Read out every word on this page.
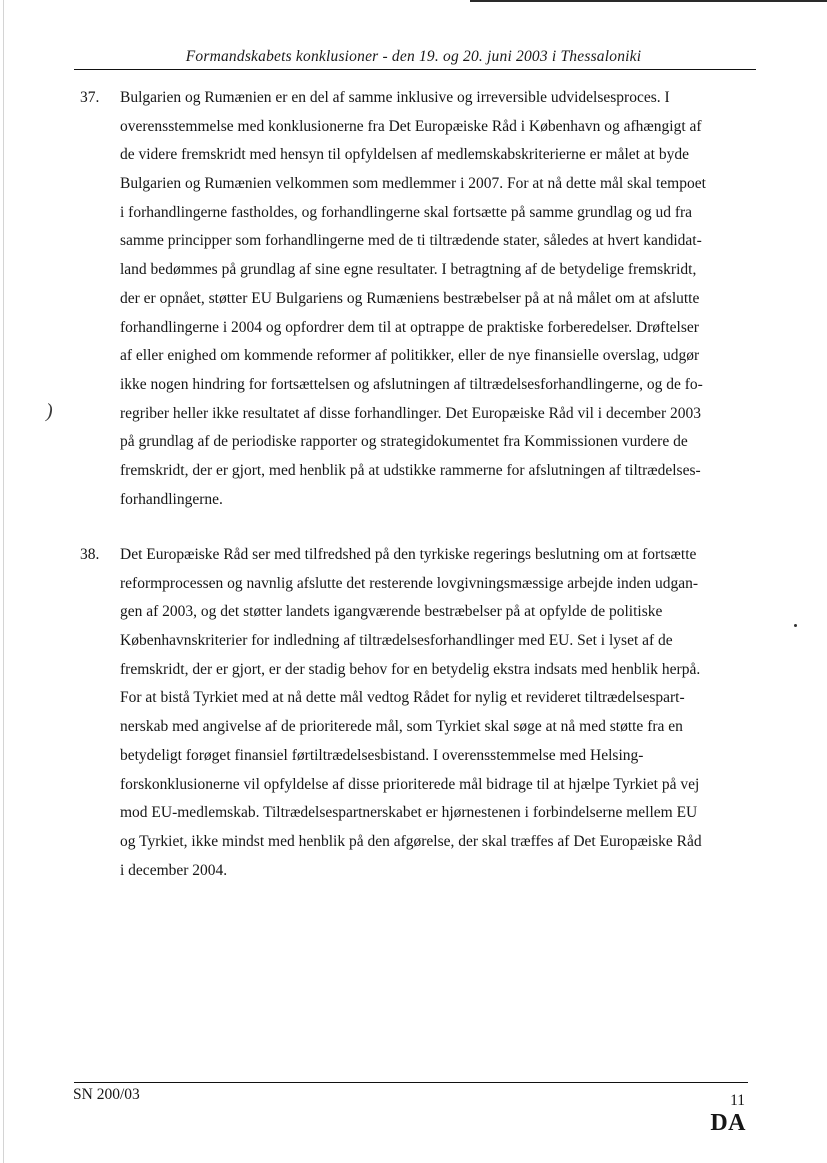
Formandskabets konklusioner - den 19. og 20. juni 2003 i Thessaloniki
37. Bulgarien og Rumænien er en del af samme inklusive og irreversible udvidelsesproces. I
overensstemmelse med konklusionerne fra Det Europæiske Råd i København og afhængigt af
de videre fremskridt med hensyn til opfyldelsen af medlemskabskriterierne er målet at byde
Bulgarien og Rumænien velkommen som medlemmer i 2007. For at nå dette mål skal tempoet
i forhandlingerne fastholdes, og forhandlingerne skal fortsætte på samme grundlag og ud fra
samme principper som forhandlingerne med de ti tiltrædende stater, således at hvert kandidat-
land bedømmes på grundlag af sine egne resultater. I betragtning af de betydelige fremskridt,
der er opnået, støtter EU Bulgariens og Rumæniens bestræbelser på at nå målet om at afslutte
forhandlingerne i 2004 og opfordrer dem til at optrappe de praktiske forberedelser. Drøftelser
af eller enighed om kommende reformer af politikker, eller de nye finansielle overslag, udgør
ikke nogen hindring for fortsættelsen og afslutningen af tiltrædelsesforhandlingerne, og de fo-
regriber heller ikke resultatet af disse forhandlinger. Det Europæiske Råd vil i december 2003
på grundlag af de periodiske rapporter og strategidokumentet fra Kommissionen vurdere de
fremskridt, der er gjort, med henblik på at udstikke rammerne for afslutningen af tiltrædelses-
forhandlingerne.
38. Det Europæiske Råd ser med tilfredshed på den tyrkiske regerings beslutning om at fortsætte
reformprocessen og navnlig afslutte det resterende lovgivningsmæssige arbejde inden udgan-
gen af 2003, og det støtter landets igangværende bestræbelser på at opfylde de politiske
Københavnskriterier for indledning af tiltrædelsesforhandlinger med EU. Set i lyset af de
fremskridt, der er gjort, er der stadig behov for en betydelig ekstra indsats med henblik herpå.
For at bistå Tyrkiet med at nå dette mål vedtog Rådet for nylig et revideret tiltrædelsespart-
nerskab med angivelse af de prioriterede mål, som Tyrkiet skal søge at nå med støtte fra en
betydeligt forøget finansiel førtiltrædelsesbistand. I overensstemmelse med Helsing-
forskonklusionerne vil opfyldelse af disse prioriterede mål bidrage til at hjælpe Tyrkiet på vej
mod EU-medlemskab. Tiltrædelsespartnerskabet er hjørnestenen i forbindelserne mellem EU
og Tyrkiet, ikke mindst med henblik på den afgørelse, der skal træffes af Det Europæiske Råd
i december 2004.
)
SN 200/03	11
DA
